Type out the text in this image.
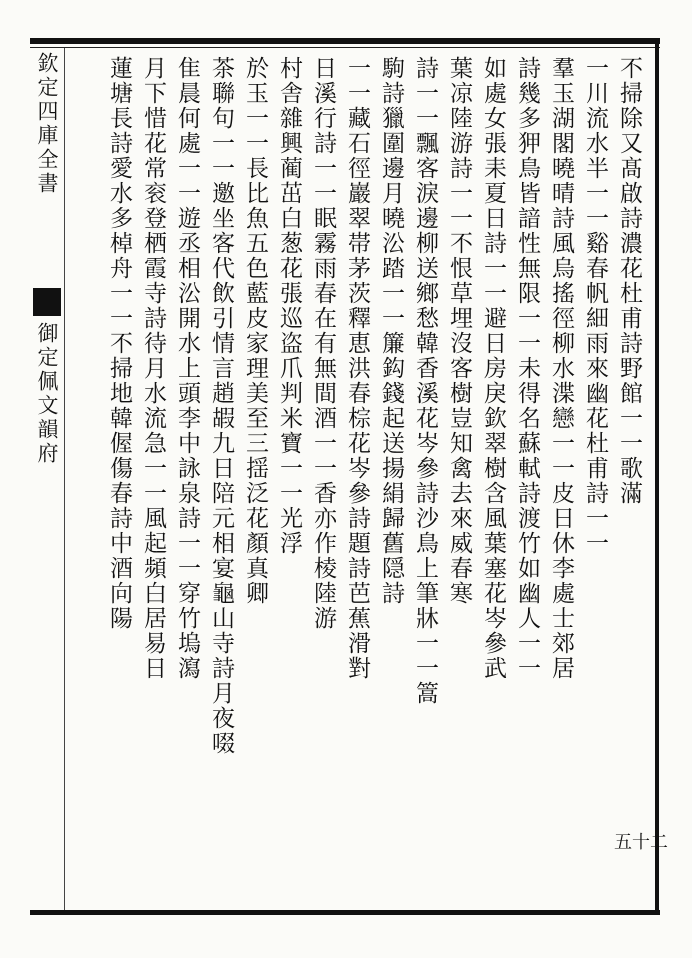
欽定四庫全書
御定佩文韻府	不掃除又髙啟詩濃花杜甫詩野館一一歌滿
一川流水半一一谿春帆細雨來幽花杜甫詩一一
羣玉湖閣曉晴詩風烏搖徑柳水渫戀一一皮日休李處士郊居
詩幾多狎鳥皆諳性無限一一未得名蘇軾詩渡竹如幽人一一
如處女張耒夏日詩一一避日房戾欽翠樹含風葉塞花岑參武
葉凉陸游詩一一不恨草埋沒客樹豈知禽去來威春寒
詩一一飄客淚邊柳送鄉愁韓香溪花岑參詩沙鳥上筆牀一一篙
駒詩獵圍邊月曉㳂踏一一簾鈎錢起送揚絹歸舊隠詩
一一藏石徑巖翠帯茅茨釋恵洪春棕花岑參詩題詩芭蕉滑對
日溪行詩一一眠霧雨春在有無間酒一一香亦作棱陸游
村舎雜興蔺茁白葱花張巡盗爪判米寶一一光浮
於玉一一長比魚五色藍皮家理美至三揺泛花顏真卿
茶聯句一一邀坐客代飲引情言趙嘏九日陪元相宴龜山寺詩月夜啜
隹晨何處一一遊丞相㳂開水上頭李中詠泉詩一一穿竹塢瀉
月下惜花常衮登栖霞寺詩待月水流急一一風起頻白居易日
蓮塘長詩愛水多棹舟一一不掃地韓偓傷春詩中酒向陽
五十二
